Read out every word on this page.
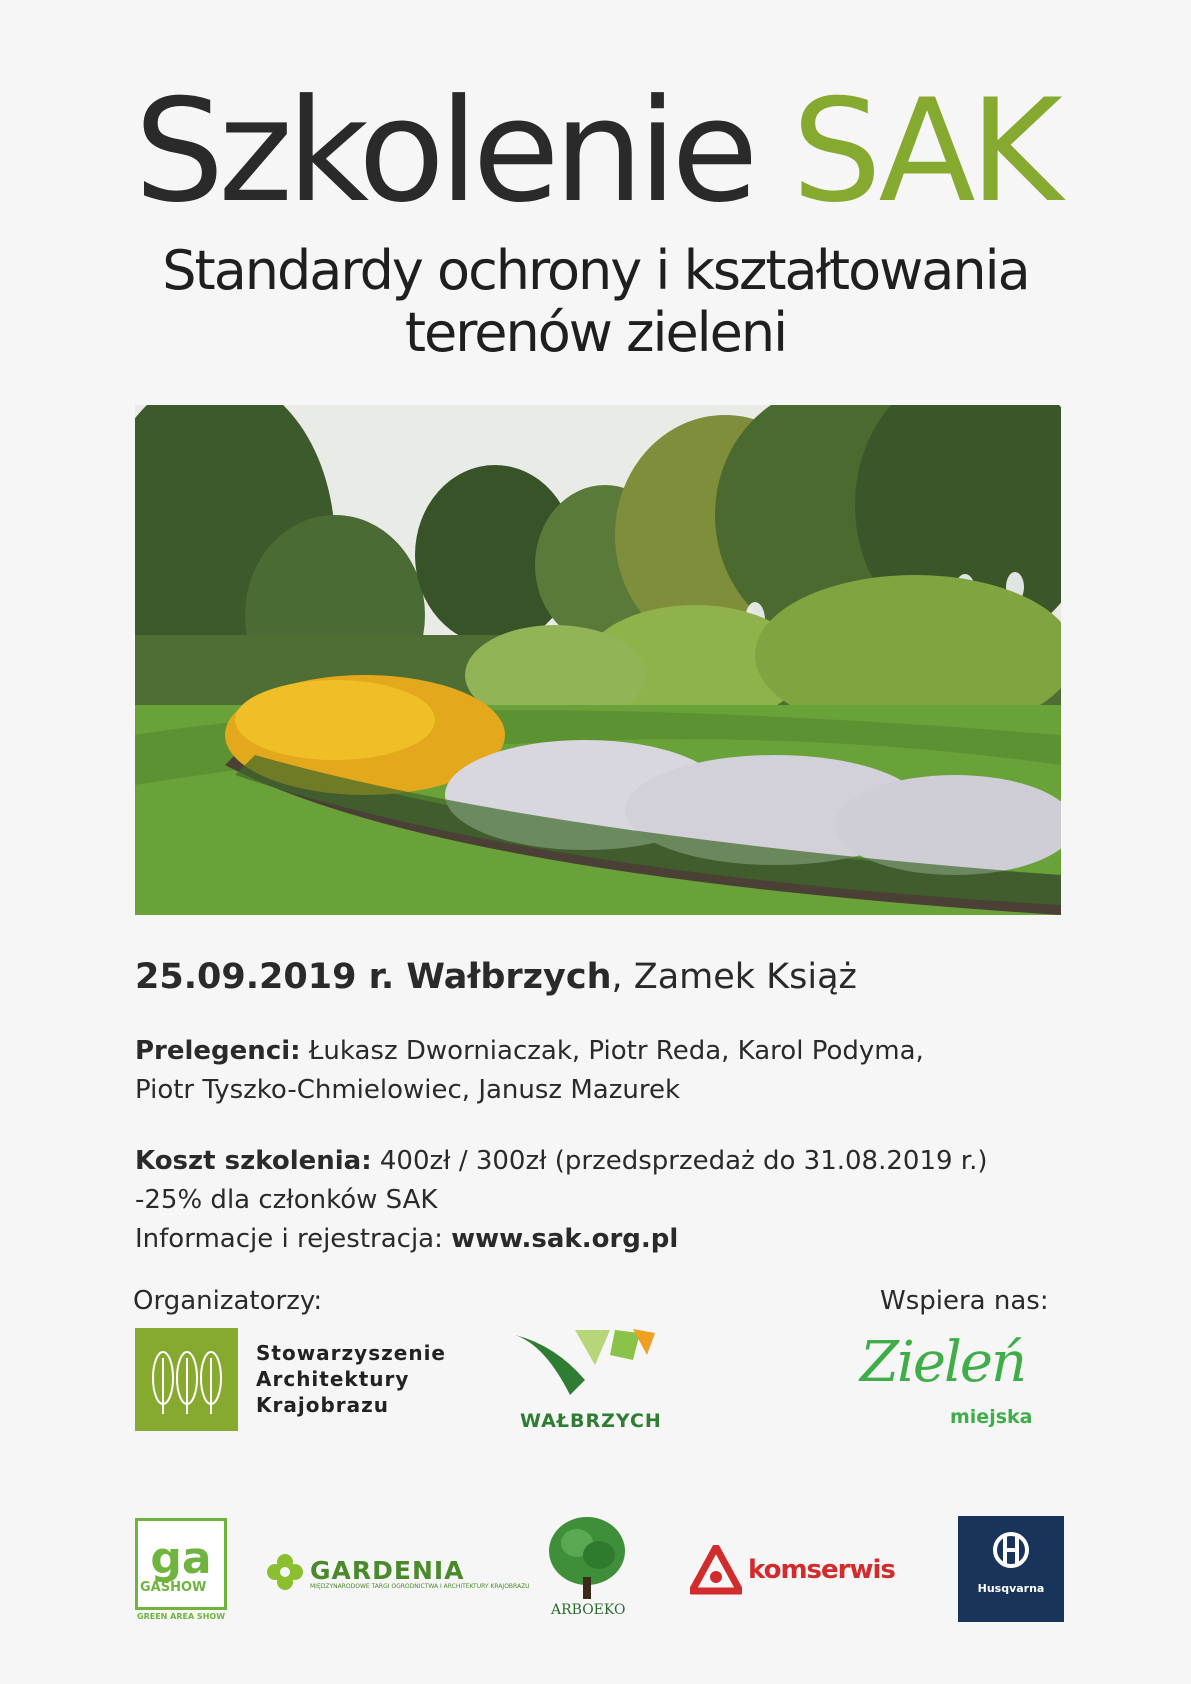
Szkolenie SAK
Standardy ochrony i kształtowania
terenów zieleni
25.09.2019 r. Wałbrzych, Zamek Książ
Prelegenci: Łukasz Dworniaczak, Piotr Reda, Karol Podyma,
Piotr Tyszko-Chmielowiec, Janusz Mazurek
Koszt szkolenia: 400zł / 300zł (przedsprzedaż do 31.08.2019 r.)
-25% dla członków SAK
Informacje i rejestracja: www.sak.org.pl
Organizatorzy:	Wspiera nas:
Stowarzyszenie
Architektury
Krajobrazu
WAŁBRZYCH
Zieleń
miejska
ga
GASHOW
GREEN AREA SHOW
GARDENIA
MIĘDZYNARODOWE TARGI OGRODNICTWA I ARCHITEKTURY KRAJOBRAZU
ARBOEKO
komserwis
Husqvarna
